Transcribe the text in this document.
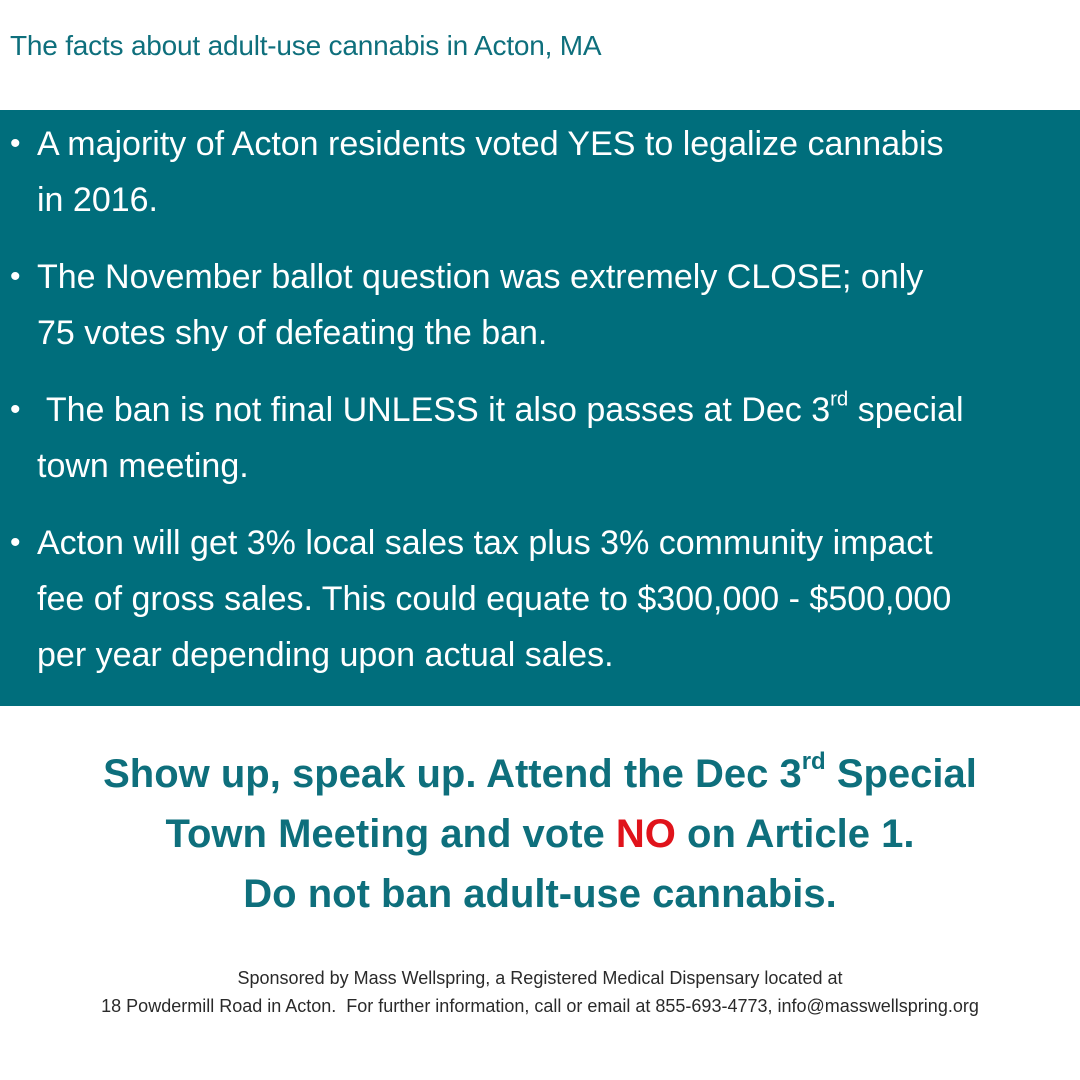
The facts about adult-use cannabis in Acton, MA
• A majority of Acton residents voted YES to legalize cannabis
in 2016.
• The November ballot question was extremely CLOSE; only
75 votes shy of defeating the ban.
• The ban is not final UNLESS it also passes at Dec 3rd special
town meeting.
• Acton will get 3% local sales tax plus 3% community impact
fee of gross sales. This could equate to $300,000 - $500,000
per year depending upon actual sales.
Show up, speak up. Attend the Dec 3rd Special
Town Meeting and vote NO on Article 1.
Do not ban adult-use cannabis.
Sponsored by Mass Wellspring, a Registered Medical Dispensary located at
18 Powdermill Road in Acton.  For further information, call or email at 855-693-4773, info@masswellspring.org
